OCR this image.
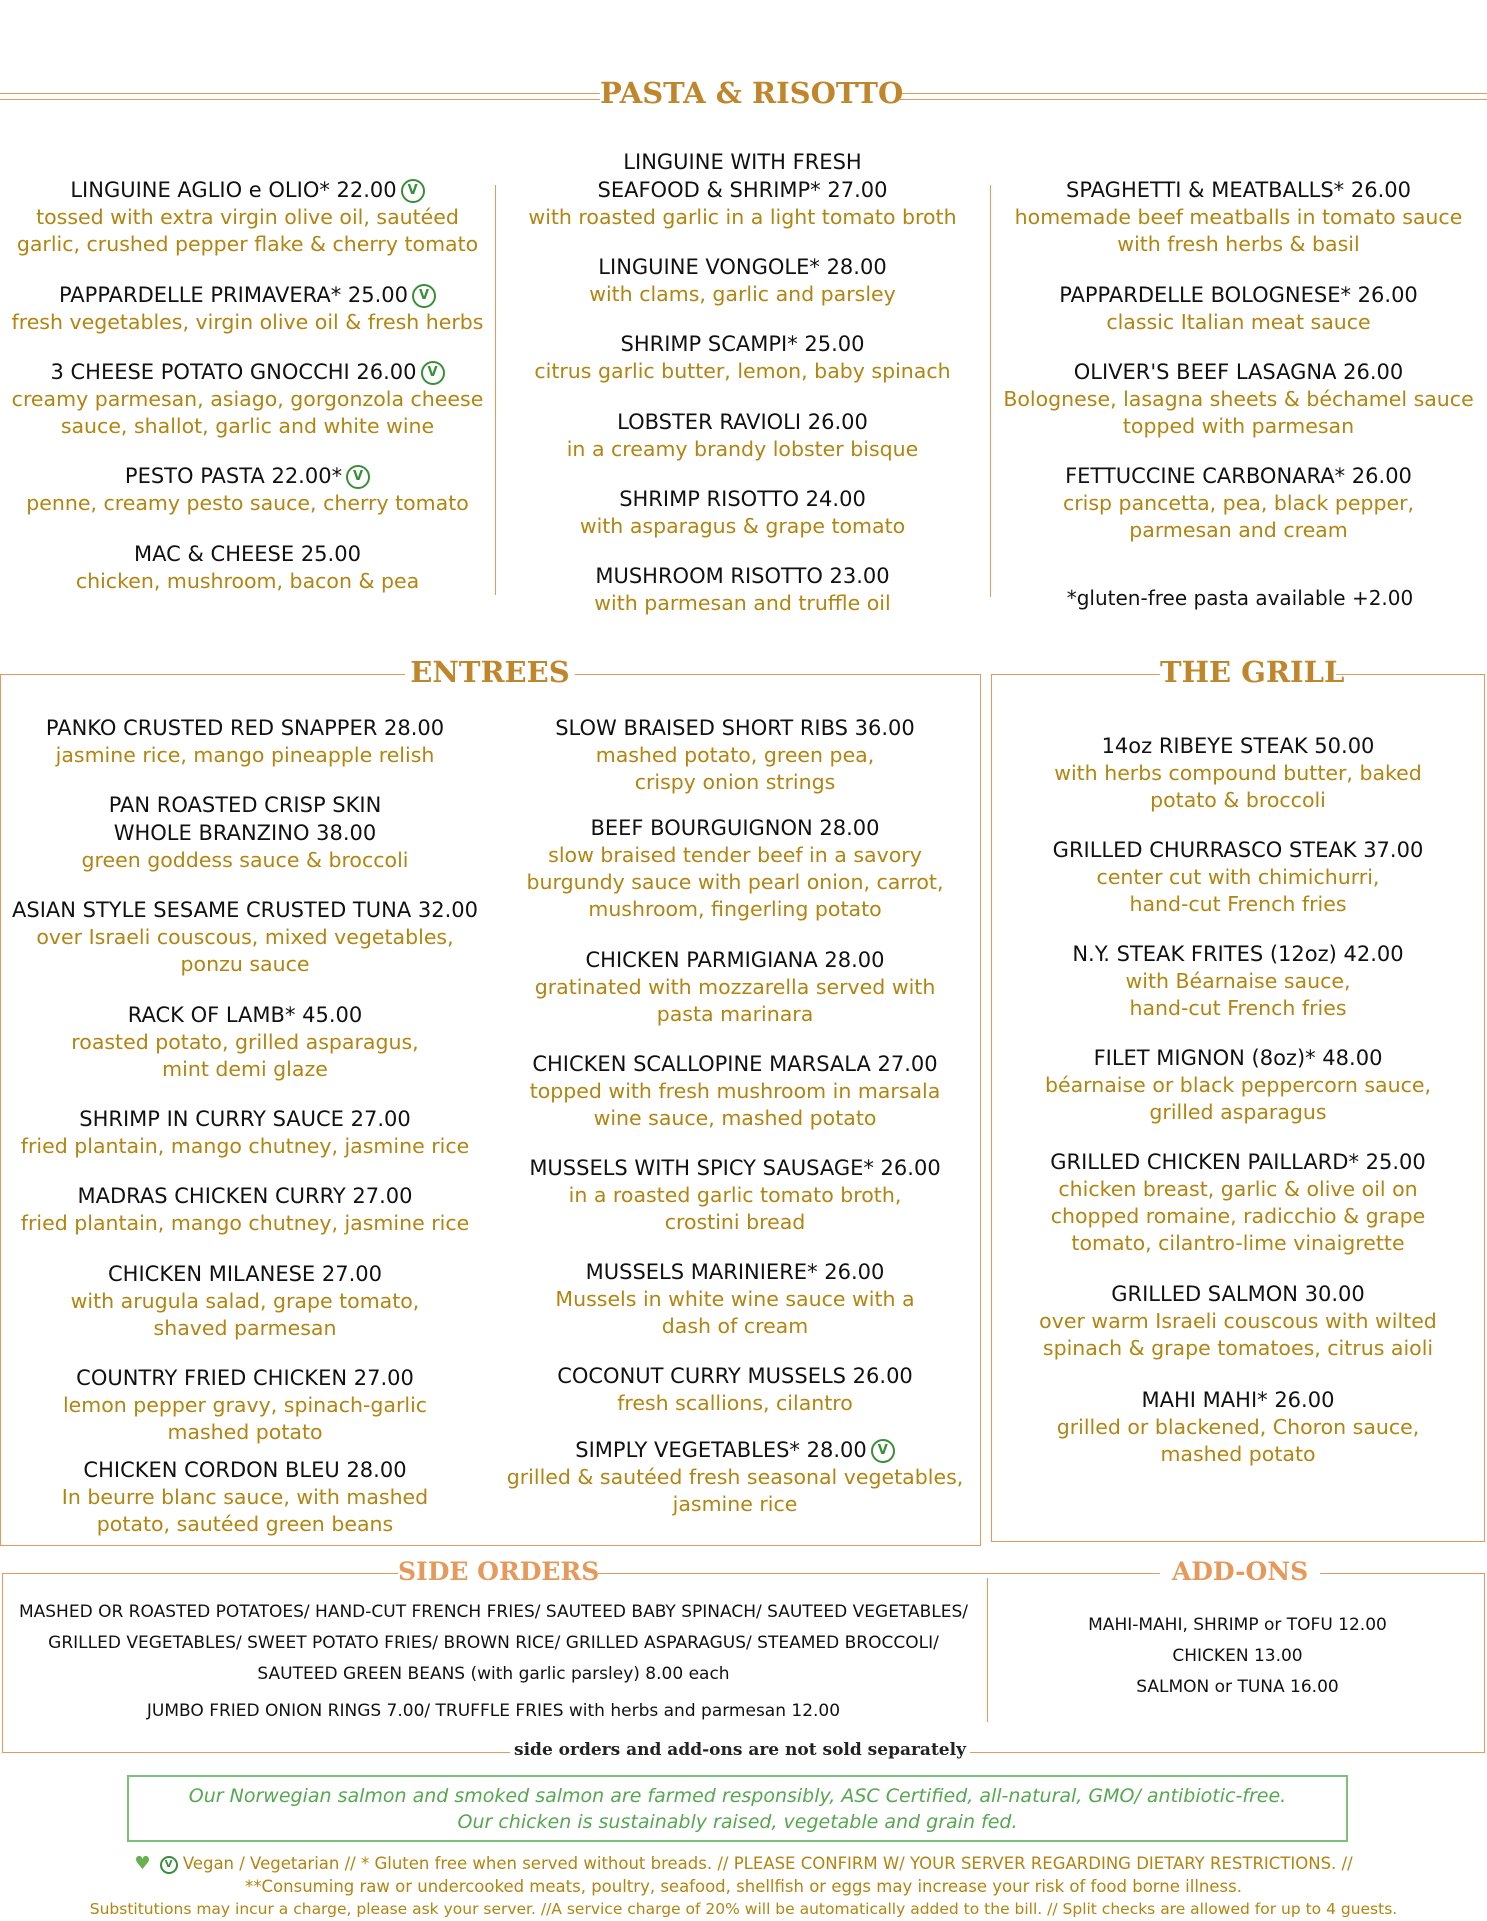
PASTA & RISOTTO
LINGUINE AGLIO e OLIO* 22.00 V
tossed with extra virgin olive oil, sautéed
garlic, crushed pepper flake & cherry tomato
PAPPARDELLE PRIMAVERA* 25.00 V
fresh vegetables, virgin olive oil & fresh herbs
3 CHEESE POTATO GNOCCHI 26.00 V
creamy parmesan, asiago, gorgonzola cheese
sauce, shallot, garlic and white wine
PESTO PASTA 22.00* V
penne, creamy pesto sauce, cherry tomato
MAC & CHEESE 25.00
chicken, mushroom, bacon & pea
LINGUINE WITH FRESH
SEAFOOD & SHRIMP* 27.00
with roasted garlic in a light tomato broth
LINGUINE VONGOLE* 28.00
with clams, garlic and parsley
SHRIMP SCAMPI* 25.00
citrus garlic butter, lemon, baby spinach
LOBSTER RAVIOLI 26.00
in a creamy brandy lobster bisque
SHRIMP RISOTTO 24.00
with asparagus & grape tomato
MUSHROOM RISOTTO 23.00
with parmesan and truffle oil
SPAGHETTI & MEATBALLS* 26.00
homemade beef meatballs in tomato sauce
with fresh herbs & basil
PAPPARDELLE BOLOGNESE* 26.00
classic Italian meat sauce
OLIVER'S BEEF LASAGNA 26.00
Bolognese, lasagna sheets & béchamel sauce
topped with parmesan
FETTUCCINE CARBONARA* 26.00
crisp pancetta, pea, black pepper,
parmesan and cream
*gluten-free pasta available +2.00
ENTREES
PANKO CRUSTED RED SNAPPER 28.00
jasmine rice, mango pineapple relish
PAN ROASTED CRISP SKIN
WHOLE BRANZINO 38.00
green goddess sauce & broccoli
ASIAN STYLE SESAME CRUSTED TUNA 32.00
over Israeli couscous, mixed vegetables,
ponzu sauce
RACK OF LAMB* 45.00
roasted potato, grilled asparagus,
mint demi glaze
SHRIMP IN CURRY SAUCE 27.00
fried plantain, mango chutney, jasmine rice
MADRAS CHICKEN CURRY 27.00
fried plantain, mango chutney, jasmine rice
CHICKEN MILANESE 27.00
with arugula salad, grape tomato,
shaved parmesan
COUNTRY FRIED CHICKEN 27.00
lemon pepper gravy, spinach-garlic
mashed potato
CHICKEN CORDON BLEU 28.00
In beurre blanc sauce, with mashed
potato, sautéed green beans
SLOW BRAISED SHORT RIBS 36.00
mashed potato, green pea,
crispy onion strings
BEEF BOURGUIGNON 28.00
slow braised tender beef in a savory
burgundy sauce with pearl onion, carrot,
mushroom, fingerling potato
CHICKEN PARMIGIANA 28.00
gratinated with mozzarella served with
pasta marinara
CHICKEN SCALLOPINE MARSALA 27.00
topped with fresh mushroom in marsala
wine sauce, mashed potato
MUSSELS WITH SPICY SAUSAGE* 26.00
in a roasted garlic tomato broth,
crostini bread
MUSSELS MARINIERE* 26.00
Mussels in white wine sauce with a
dash of cream
COCONUT CURRY MUSSELS 26.00
fresh scallions, cilantro
SIMPLY VEGETABLES* 28.00 V
grilled & sautéed fresh seasonal vegetables,
jasmine rice
THE GRILL
14oz RIBEYE STEAK 50.00
with herbs compound butter, baked
potato & broccoli
GRILLED CHURRASCO STEAK 37.00
center cut with chimichurri,
hand-cut French fries
N.Y. STEAK FRITES (12oz) 42.00
with Béarnaise sauce,
hand-cut French fries
FILET MIGNON (8oz)* 48.00
béarnaise or black peppercorn sauce,
grilled asparagus
GRILLED CHICKEN PAILLARD* 25.00
chicken breast, garlic & olive oil on
chopped romaine, radicchio & grape
tomato, cilantro-lime vinaigrette
GRILLED SALMON 30.00
over warm Israeli couscous with wilted
spinach & grape tomatoes, citrus aioli
MAHI MAHI* 26.00
grilled or blackened, Choron sauce,
mashed potato
SIDE ORDERS	ADD-ONS
MASHED OR ROASTED POTATOES/ HAND-CUT FRENCH FRIES/ SAUTEED BABY SPINACH/ SAUTEED VEGETABLES/
GRILLED VEGETABLES/ SWEET POTATO FRIES/ BROWN RICE/ GRILLED ASPARAGUS/ STEAMED BROCCOLI/
SAUTEED GREEN BEANS (with garlic parsley) 8.00 each
JUMBO FRIED ONION RINGS 7.00/ TRUFFLE FRIES with herbs and parmesan 12.00
MAHI-MAHI, SHRIMP or TOFU 12.00
CHICKEN 13.00
SALMON or TUNA 16.00
side orders and add-ons are not sold separately
Our Norwegian salmon and smoked salmon are farmed responsibly, ASC Certified, all-natural, GMO/ antibiotic-free.
Our chicken is sustainably raised, vegetable and grain fed.
♥ V Vegan / Vegetarian // * Gluten free when served without breads. // PLEASE CONFIRM W/ YOUR SERVER REGARDING DIETARY RESTRICTIONS. //
**Consuming raw or undercooked meats, poultry, seafood, shellfish or eggs may increase your risk of food borne illness.
Substitutions may incur a charge, please ask your server. //A service charge of 20% will be automatically added to the bill. // Split checks are allowed for up to 4 guests.
